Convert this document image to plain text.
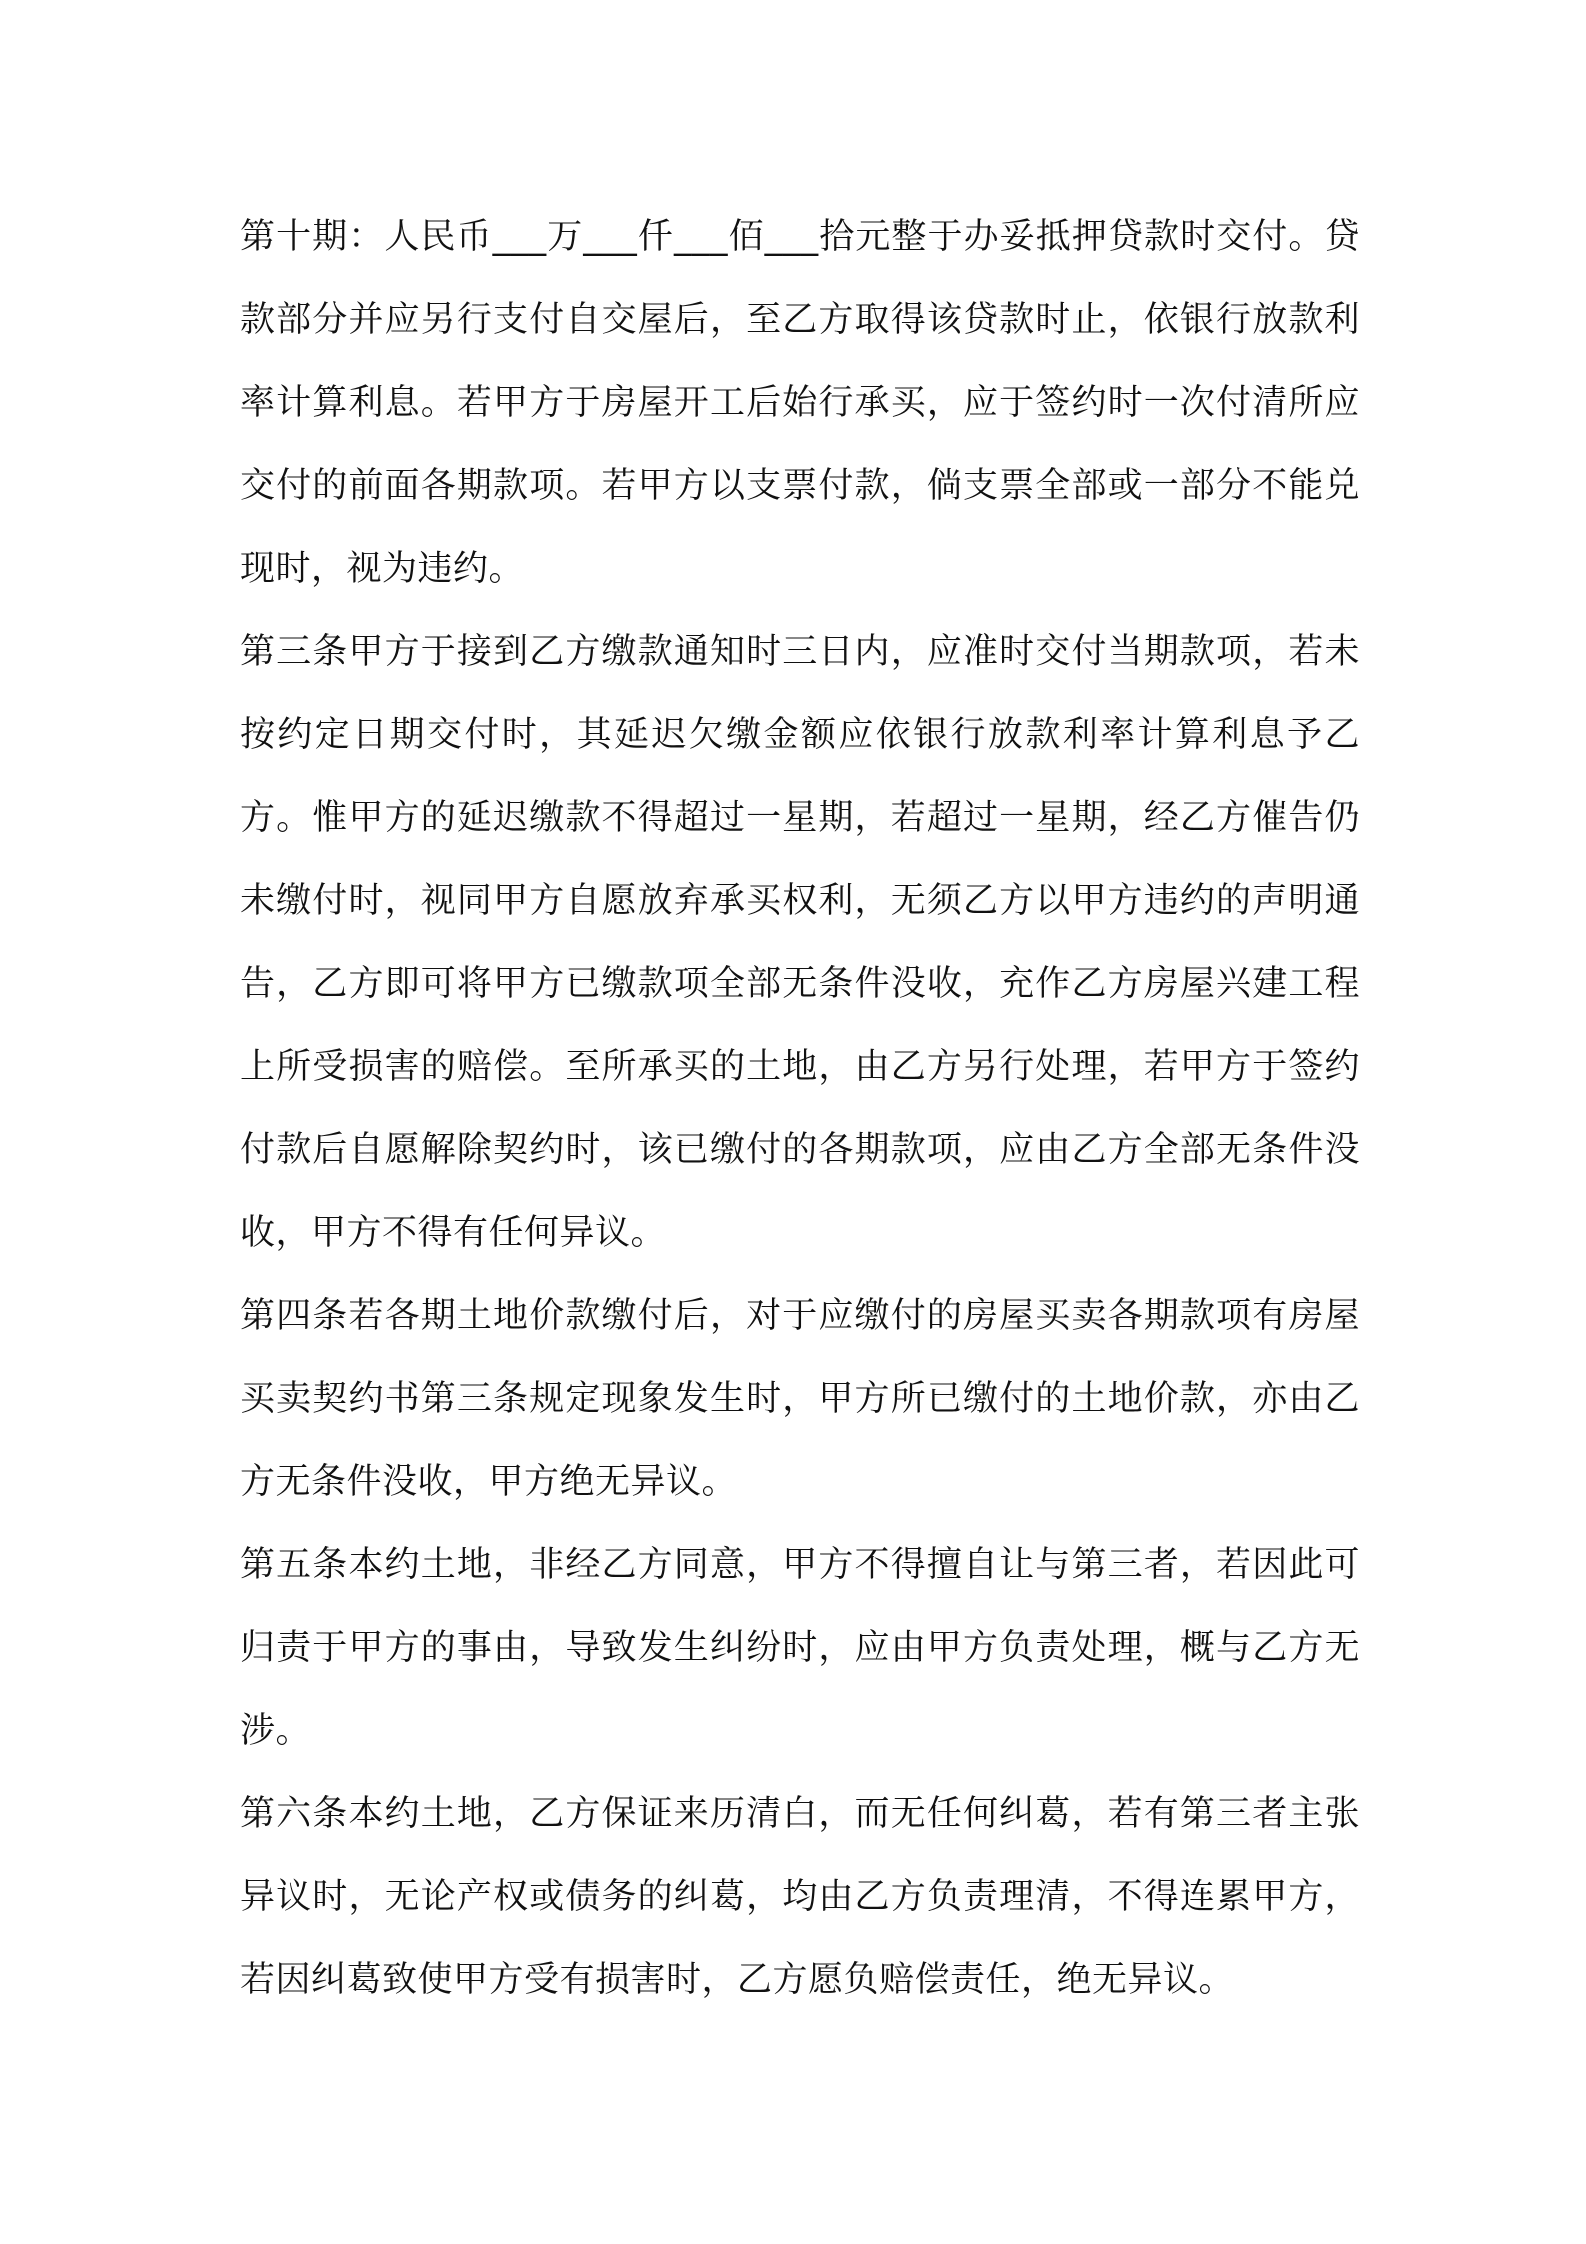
第十期：人民币___万___仟___佰___拾元整于办妥抵押贷款时交付。贷款部分并应另行支付自交屋后，至乙方取得该贷款时止，依银行放款利率计算利息。若甲方于房屋开工后始行承买，应于签约时一次付清所应交付的前面各期款项。若甲方以支票付款，倘支票全部或一部分不能兑现时，视为违约。

第三条甲方于接到乙方缴款通知时三日内，应准时交付当期款项，若未按约定日期交付时，其延迟欠缴金额应依银行放款利率计算利息予乙方。惟甲方的延迟缴款不得超过一星期，若超过一星期，经乙方催告仍未缴付时，视同甲方自愿放弃承买权利，无须乙方以甲方违约的声明通告，乙方即可将甲方已缴款项全部无条件没收，充作乙方房屋兴建工程上所受损害的赔偿。至所承买的土地，由乙方另行处理，若甲方于签约付款后自愿解除契约时，该已缴付的各期款项，应由乙方全部无条件没收，甲方不得有任何异议。

第四条若各期土地价款缴付后，对于应缴付的房屋买卖各期款项有房屋买卖契约书第三条规定现象发生时，甲方所已缴付的土地价款，亦由乙方无条件没收，甲方绝无异议。

第五条本约土地，非经乙方同意，甲方不得擅自让与第三者，若因此可归责于甲方的事由，导致发生纠纷时，应由甲方负责处理，概与乙方无涉。

第六条本约土地，乙方保证来历清白，而无任何纠葛，若有第三者主张异议时，无论产权或债务的纠葛，均由乙方负责理清，不得连累甲方，若因纠葛致使甲方受有损害时，乙方愿负赔偿责任，绝无异议。
